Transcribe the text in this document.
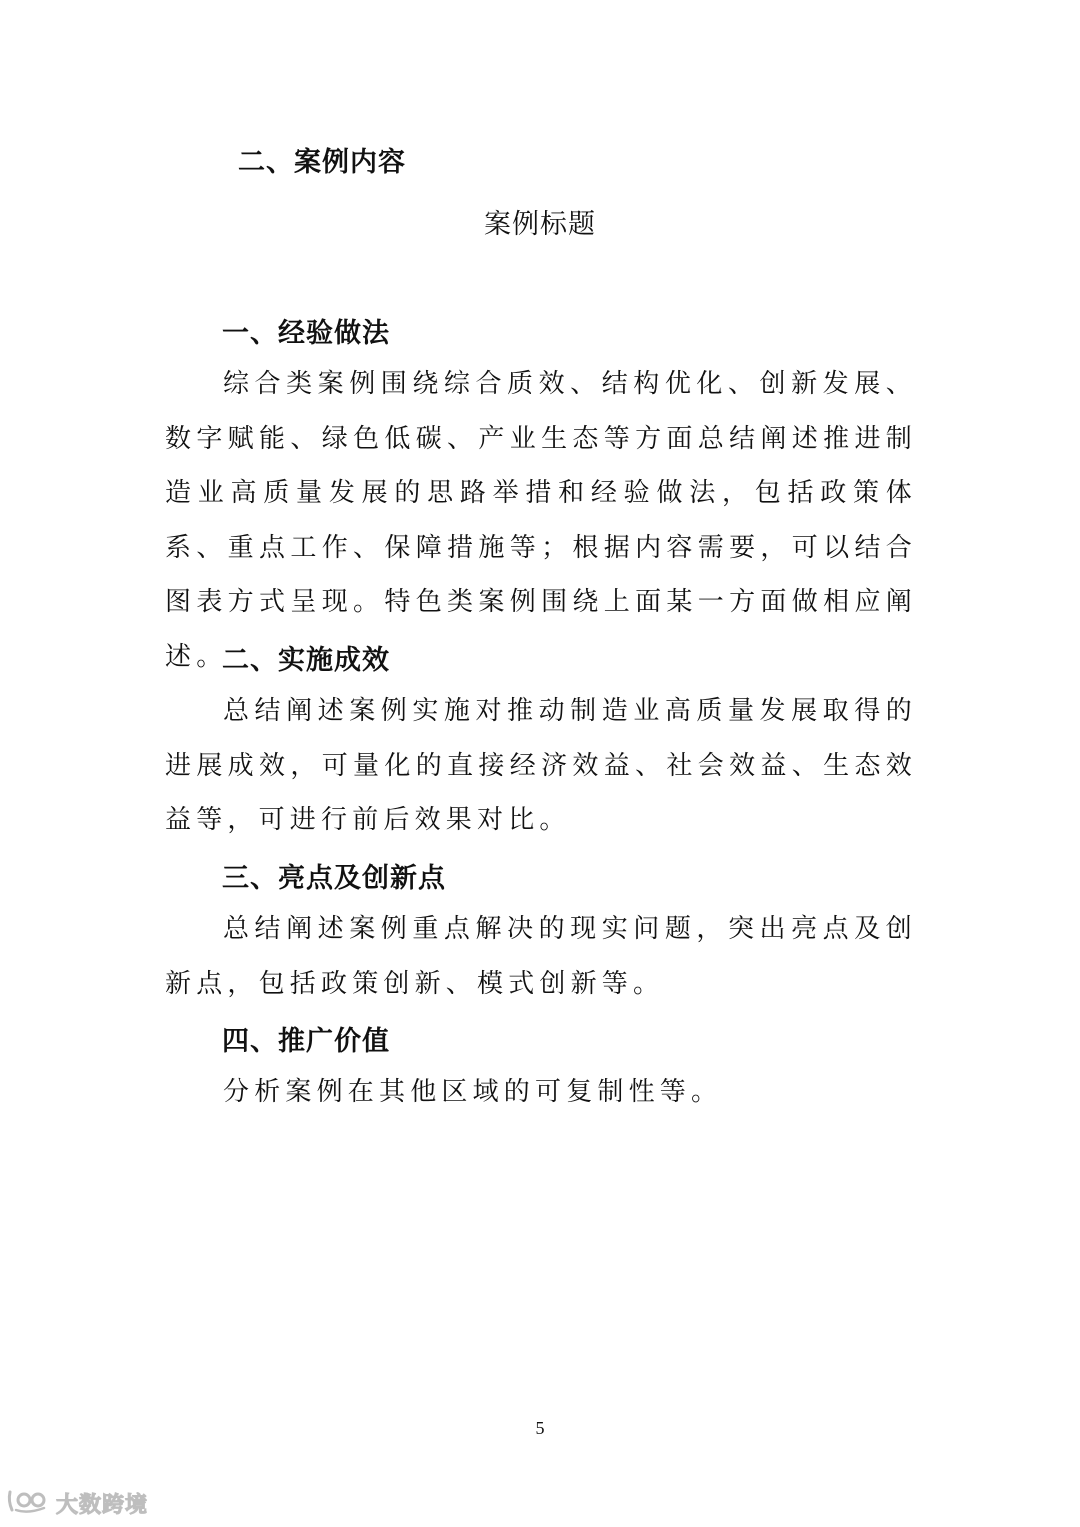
二、案例内容
案例标题
一、经验做法

综合类案例围绕综合质效、结构优化、创新发展、数字赋能、绿色低碳、产业生态等方面总结阐述推进制造业高质量发展的思路举措和经验做法，包括政策体系、重点工作、保障措施等；根据内容需要，可以结合图表方式呈现。特色类案例围绕上面某一方面做相应阐述。

二、实施成效

总结阐述案例实施对推动制造业高质量发展取得的进展成效，可量化的直接经济效益、社会效益、生态效益等，可进行前后效果对比。

三、亮点及创新点

总结阐述案例重点解决的现实问题，突出亮点及创新点，包括政策创新、模式创新等。

四、推广价值

分析案例在其他区域的可复制性等。

5
大数跨境
